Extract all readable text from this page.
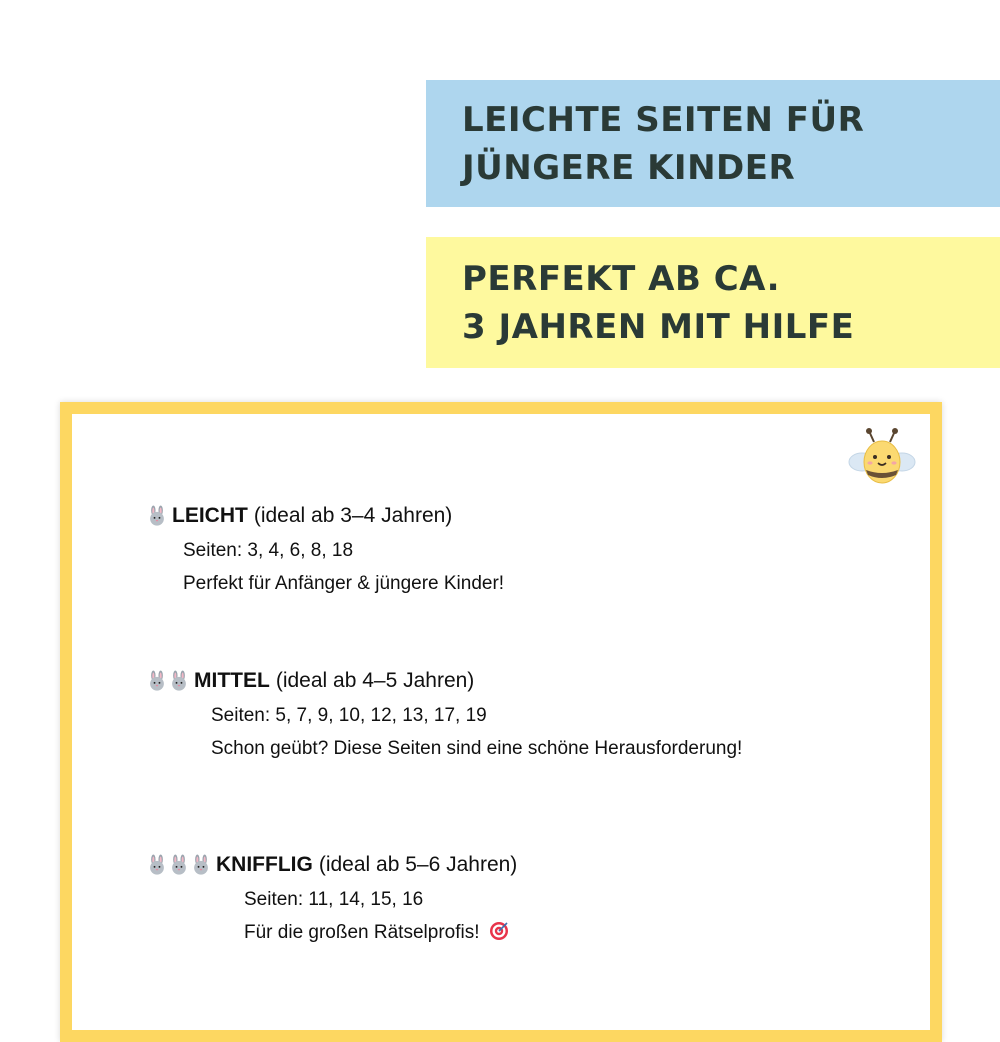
LEICHTE SEITEN FÜR
JÜNGERE KINDER
PERFEKT AB CA.
3 JAHREN MIT HILFE
LEICHT (ideal ab 3–4 Jahren)
Seiten: 3, 4, 6, 8, 18
Perfekt für Anfänger & jüngere Kinder!
MITTEL (ideal ab 4–5 Jahren)
Seiten: 5, 7, 9, 10, 12, 13, 17, 19
Schon geübt? Diese Seiten sind eine schöne Herausforderung!
KNIFFLIG (ideal ab 5–6 Jahren)
Seiten: 11, 14, 15, 16
Für die großen Rätselprofis!
